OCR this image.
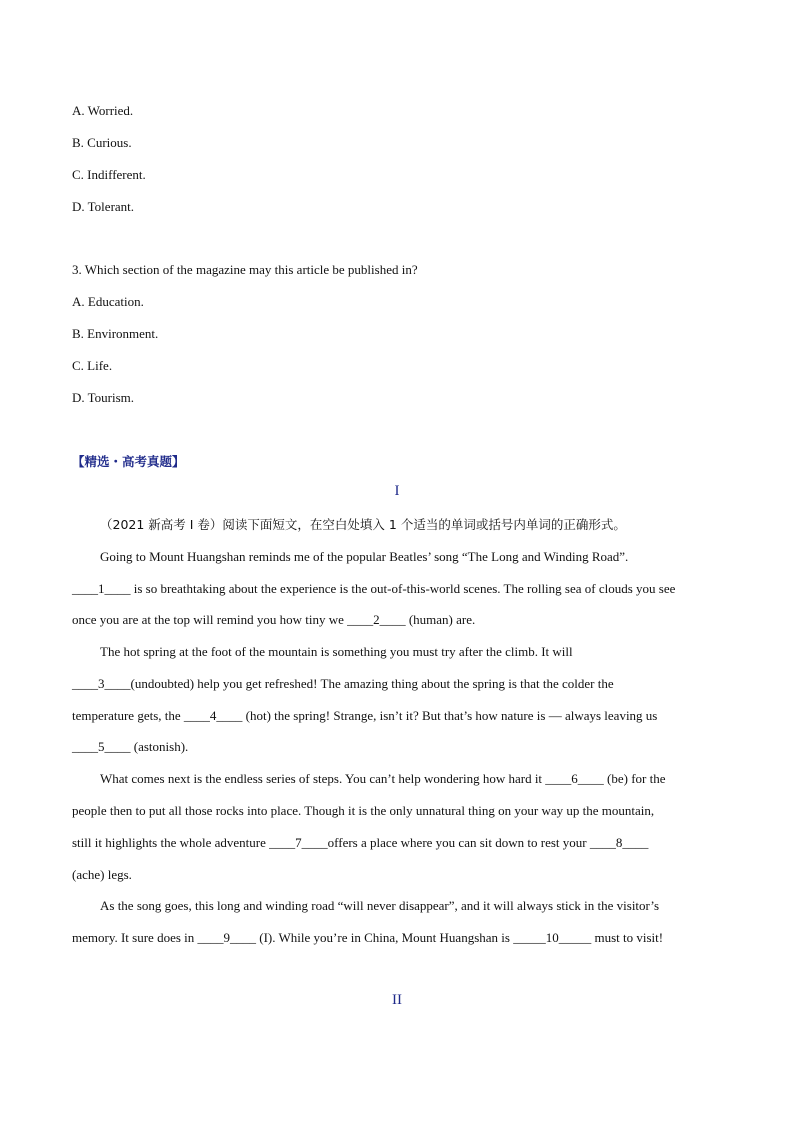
A. Worried.

B. Curious.

C. Indifferent.

D. Tolerant.

3. Which section of the magazine may this article be published in?

A. Education.

B. Environment.

C. Life.

D. Tourism.

【精选・高考真题】
I

（2021 新高考 I 卷）阅读下面短文，在空白处填入 1 个适当的单词或括号内单词的正确形式。

Going to Mount Huangshan reminds me of the popular Beatles’ song “The Long and Winding Road”.

____1____ is so breathtaking about the experience is the out-of-this-world scenes. The rolling sea of clouds you see

once you are at the top will remind you how tiny we ____2____ (human) are.

The hot spring at the foot of the mountain is something you must try after the climb. It will

____3____(undoubted) help you get refreshed! The amazing thing about the spring is that the colder the

temperature gets, the ____4____ (hot) the spring! Strange, isn’t it? But that’s how nature is — always leaving us

____5____ (astonish).

What comes next is the endless series of steps. You can’t help wondering how hard it ____6____ (be) for the

people then to put all those rocks into place. Though it is the only unnatural thing on your way up the mountain,

still it highlights the whole adventure ____7____offers a place where you can sit down to rest your ____8____

(ache) legs.

As the song goes, this long and winding road “will never disappear”, and it will always stick in the visitor’s

memory. It sure does in ____9____ (I). While you’re in China, Mount Huangshan is _____10_____ must to visit!

II
